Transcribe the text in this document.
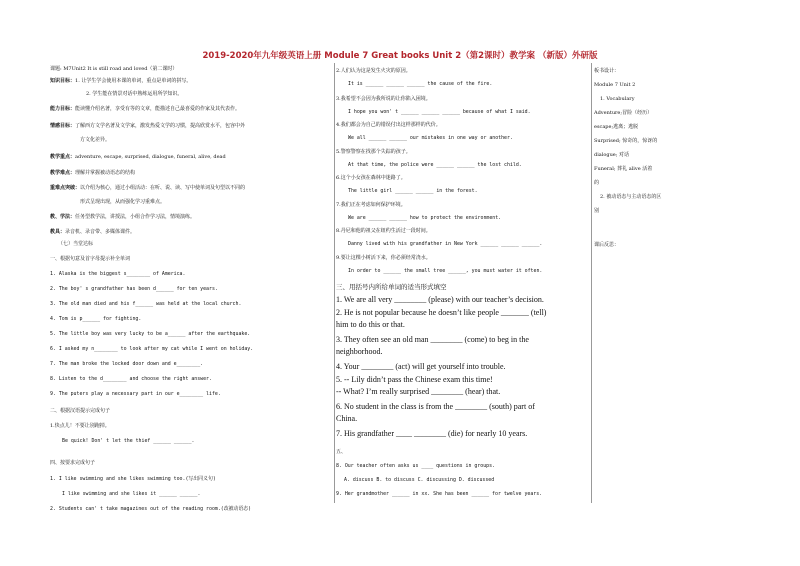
2019-2020年九年级英语上册 Module 7 Great books Unit 2（第2课时）教学案 （新版）外研版
课题: M7Unit2 It is still road and loved（第二课时）
知识目标：1. 让学生学会使用本课的单词，重点是单词的拼写。
2. 学生能在情景对话中熟练运用所学知识。
能力目标：能读懂介绍名著，享受有等的文章，能描述自己最喜爱的作家及其代表作。
情感目标：了解西方文学名著及文学家，激发热爱文学的习惯，提高欣赏水平，包容中外
方文化差异。
教学重点：adventure, escape, surprised, dialogue, funeral, alive, dead
教学难点：理解并掌握被动语态的结构
重难点突破：以介绍为核心，通过小组活动：在听、说、读、写中使单词及句型以不同的
形式呈现出现，从而强化学习重难点。
教、学法：任务型教学法，讲授法，小组合作学习法，情境演练。
教具：录音机、录音带、多媒体课件。
（七）当堂达标
一、根据句意及首字母提示补全单词
1. Alaska is the biggest s________ of America.
2. The boy' s grandfather has been d______ for ten years.
3. The old man died and his f______ was held at the local church.
4. Tom is p______ for fighting.
5. The little boy was very lucky to be a______ after the earthquake.
6. I asked my n________ to look after my cat while I went on holiday.
7. The man broke the locked door down and e________.
8. Listen to the d________ and choose the right answer.
9. The puters play a necessary part in our e________ life.
二、根据汉语提示完成句子
1.快点儿！不要让别跑掉。
Be quick! Don' t let the thief ______ ______.
四、按要求完成句子
1. I like swimming and she likes swimming too.(写出同义句)
I like swimming and she likes it ______ ______.
2. Students can' t take magazines out of the reading room.(改被动语态)
2.人们认为这是发生火灾的原因。
It is ______ ______ ______ the cause of the fire.
3.我希望不会因为我所说的让你陷入困境。
I hope you won' t ______ ______ ______ because of what I said.
4.我们都会为自己的错误付出这样那样的代价。
We all ______ ______ our mistakes in one way or another.
5.警察警察在找那个失踪的孩子。
At that time, the police were ______ ______ the lost child.
6.这个小女孩在森林中迷路了。
The little girl ______ ______ in the forest.
7.我们正在考虑如何保护环境。
We are ______ ______ how to protect the environment.
8.丹尼和他的祖父在纽约生活过一段时间。
Danny lived with his grandfather in New York ______ ______ ______.
9.要让这棵小树活下来，你必须经常浇水。
In order to ______ the small tree ______, you must water it often.
三、用括号内所给单词的适当形式填空
1. We are all very ________ (please) with our teacher’s decision.
2. He is not popular because he doesn’t like people _______ (tell)
him to do this or that.
3. They often see an old man ________ (come) to beg in the
neighborhood.
4. Your ________ (act) will get yourself into trouble.
5. -- Lily didn’t pass the Chinese exam this time!
-- What? I’m really surprised ________ (hear) that.
6. No student in the class is from the ________ (south) part of
China.
7. His grandfather ____ ________ (die) for nearly 10 years.
五、
8. Our teacher often asks us ____ questions in groups.
A. discuss B. to discuss C. discussing D. discussed
9. Her grandmother ______ in xx. She has been ______ for twelve years.
板书设计：
Module 7 Unit 2
1. Vocabulary
Adventure;冒险（经历）
escape;逃离；逃脱
Surprised; 惊奇的，惊讶的
dialogue; 对话
Funeral; 葬礼 alive 活着
的
2. 被动语态与主动语态的区
别
课后反思：
